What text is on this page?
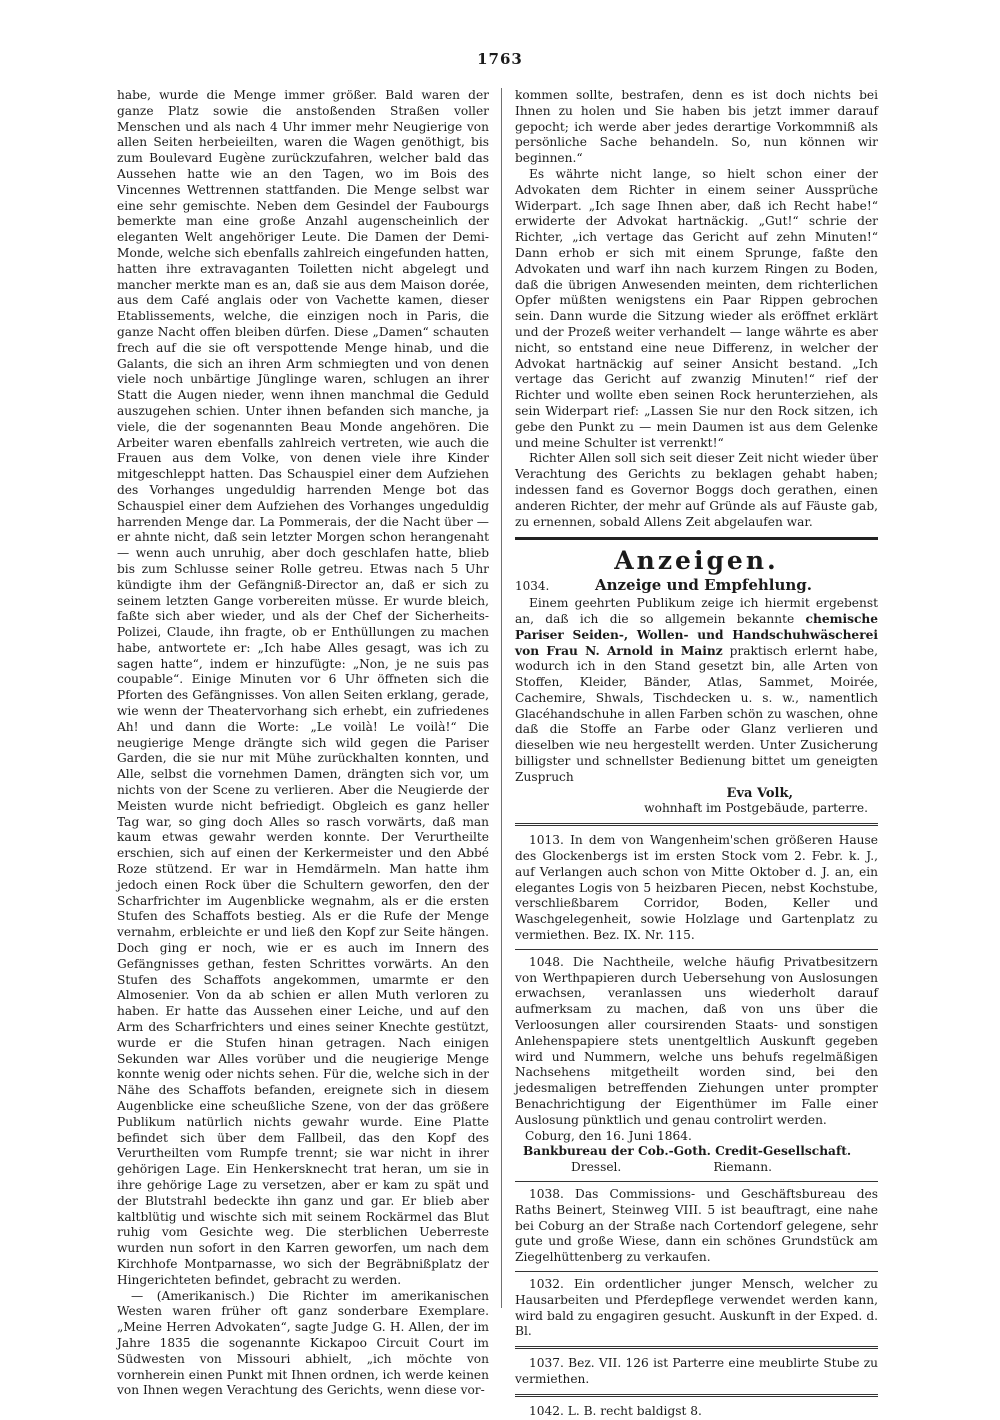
1763

habe, wurde die Menge immer größer. Bald waren der ganze Platz sowie die anstoßenden Straßen voller Menschen und als nach 4 Uhr immer mehr Neugierige von allen Seiten herbeieilten, waren die Wagen genöthigt, bis zum Boulevard Eugène zurückzufahren, welcher bald das Aussehen hatte wie an den Tagen, wo im Bois des Vincennes Wettrennen stattfanden. Die Menge selbst war eine sehr gemischte. Neben dem Gesindel der Faubourgs bemerkte man eine große Anzahl augenscheinlich der eleganten Welt angehöriger Leute. Die Damen der Demi-Monde, welche sich ebenfalls zahlreich eingefunden hatten, hatten ihre extravaganten Toiletten nicht abgelegt und mancher merkte man es an, daß sie aus dem Maison dorée, aus dem Café anglais oder von Vachette kamen, dieser Etablissements, welche, die einzigen noch in Paris, die ganze Nacht offen bleiben dürfen. Diese „Damen“ schauten frech auf die sie oft verspottende Menge hinab, und die Galants, die sich an ihren Arm schmiegten und von denen viele noch unbärtige Jünglinge waren, schlugen an ihrer Statt die Augen nieder, wenn ihnen manchmal die Geduld auszugehen schien. Unter ihnen befanden sich manche, ja viele, die der sogenannten Beau Monde angehören. Die Arbeiter waren ebenfalls zahlreich vertreten, wie auch die Frauen aus dem Volke, von denen viele ihre Kinder mitgeschleppt hatten. Das Schauspiel einer dem Aufziehen des Vorhanges ungeduldig harrenden Menge bot das Schauspiel einer dem Aufziehen des Vorhanges ungeduldig harrenden Menge dar. La Pommerais, der die Nacht über — er ahnte nicht, daß sein letzter Morgen schon herangenaht — wenn auch unruhig, aber doch geschlafen hatte, blieb bis zum Schlusse seiner Rolle getreu. Etwas nach 5 Uhr kündigte ihm der Gefängniß-Director an, daß er sich zu seinem letzten Gange vorbereiten müsse. Er wurde bleich, faßte sich aber wieder, und als der Chef der Sicherheits-Polizei, Claude, ihn fragte, ob er Enthüllungen zu machen habe, antwortete er: „Ich habe Alles gesagt, was ich zu sagen hatte“, indem er hinzufügte: „Non, je ne suis pas coupable“. Einige Minuten vor 6 Uhr öffneten sich die Pforten des Gefängnisses. Von allen Seiten erklang, gerade, wie wenn der Theatervorhang sich erhebt, ein zufriedenes Ah! und dann die Worte: „Le voilà! Le voilà!“ Die neugierige Menge drängte sich wild gegen die Pariser Garden, die sie nur mit Mühe zurückhalten konnten, und Alle, selbst die vornehmen Damen, drängten sich vor, um nichts von der Scene zu verlieren. Aber die Neugierde der Meisten wurde nicht befriedigt. Obgleich es ganz heller Tag war, so ging doch Alles so rasch vorwärts, daß man kaum etwas gewahr werden konnte. Der Verurtheilte erschien, sich auf einen der Kerkermeister und den Abbé Roze stützend. Er war in Hemdärmeln. Man hatte ihm jedoch einen Rock über die Schultern geworfen, den der Scharfrichter im Augenblicke wegnahm, als er die ersten Stufen des Schaffots bestieg. Als er die Rufe der Menge vernahm, erbleichte er und ließ den Kopf zur Seite hängen. Doch ging er noch, wie er es auch im Innern des Gefängnisses gethan, festen Schrittes vorwärts. An den Stufen des Schaffots angekommen, umarmte er den Almosenier. Von da ab schien er allen Muth verloren zu haben. Er hatte das Aussehen einer Leiche, und auf den Arm des Scharfrichters und eines seiner Knechte gestützt, wurde er die Stufen hinan getragen. Nach einigen Sekunden war Alles vorüber und die neugierige Menge konnte wenig oder nichts sehen. Für die, welche sich in der Nähe des Schaffots befanden, ereignete sich in diesem Augenblicke eine scheußliche Szene, von der das größere Publikum natürlich nichts gewahr wurde. Eine Platte befindet sich über dem Fallbeil, das den Kopf des Verurtheilten vom Rumpfe trennt; sie war nicht in ihrer gehörigen Lage. Ein Henkersknecht trat heran, um sie in ihre gehörige Lage zu versetzen, aber er kam zu spät und der Blutstrahl bedeckte ihn ganz und gar. Er blieb aber kaltblütig und wischte sich mit seinem Rockärmel das Blut ruhig vom Gesichte weg. Die sterblichen Ueberreste wurden nun sofort in den Karren geworfen, um nach dem Kirchhofe Montparnasse, wo sich der Begräbnißplatz der Hingerichteten befindet, gebracht zu werden.

— (Amerikanisch.) Die Richter im amerikanischen Westen waren früher oft ganz sonderbare Exemplare. „Meine Herren Advokaten“, sagte Judge G. H. Allen, der im Jahre 1835 die sogenannte Kickapoo Circuit Court im Südwesten von Missouri abhielt, „ich möchte von vornherein einen Punkt mit Ihnen ordnen, ich werde keinen von Ihnen wegen Verachtung des Gerichts, wenn diese vor-

kommen sollte, bestrafen, denn es ist doch nichts bei Ihnen zu holen und Sie haben bis jetzt immer darauf gepocht; ich werde aber jedes derartige Vorkommniß als persönliche Sache behandeln. So, nun können wir beginnen.“

Es währte nicht lange, so hielt schon einer der Advokaten dem Richter in einem seiner Aussprüche Widerpart. „Ich sage Ihnen aber, daß ich Recht habe!“ erwiderte der Advokat hartnäckig. „Gut!“ schrie der Richter, „ich vertage das Gericht auf zehn Minuten!“ Dann erhob er sich mit einem Sprunge, faßte den Advokaten und warf ihn nach kurzem Ringen zu Boden, daß die übrigen Anwesenden meinten, dem richterlichen Opfer müßten wenigstens ein Paar Rippen gebrochen sein. Dann wurde die Sitzung wieder als eröffnet erklärt und der Prozeß weiter verhandelt — lange währte es aber nicht, so entstand eine neue Differenz, in welcher der Advokat hartnäckig auf seiner Ansicht bestand. „Ich vertage das Gericht auf zwanzig Minuten!“ rief der Richter und wollte eben seinen Rock herunterziehen, als sein Widerpart rief: „Lassen Sie nur den Rock sitzen, ich gebe den Punkt zu — mein Daumen ist aus dem Gelenke und meine Schulter ist verrenkt!“

Richter Allen soll sich seit dieser Zeit nicht wieder über Verachtung des Gerichts zu beklagen gehabt haben; indessen fand es Governor Boggs doch gerathen, einen anderen Richter, der mehr auf Gründe als auf Fäuste gab, zu ernennen, sobald Allens Zeit abgelaufen war.

Anzeigen.
1034.	Anzeige und Empfehlung.

Einem geehrten Publikum zeige ich hiermit ergebenst an, daß ich die so allgemein bekannte chemische Pariser Seiden-, Wollen- und Handschuhwäscherei von Frau N. Arnold in Mainz praktisch erlernt habe, wodurch ich in den Stand gesetzt bin, alle Arten von Stoffen, Kleider, Bänder, Atlas, Sammet, Moirée, Cachemire, Shwals, Tischdecken u. s. w., namentlich Glacéhandschuhe in allen Farben schön zu waschen, ohne daß die Stoffe an Farbe oder Glanz verlieren und dieselben wie neu hergestellt werden. Unter Zusicherung billigster und schnellster Bedienung bittet um geneigten Zuspruch

Eva Volk,
wohnhaft im Postgebäude, parterre.

1013. In dem von Wangenheim'schen größeren Hause des Glockenbergs ist im ersten Stock vom 2. Febr. k. J., auf Verlangen auch schon von Mitte Oktober d. J. an, ein elegantes Logis von 5 heizbaren Piecen, nebst Kochstube, verschließbarem Corridor, Boden, Keller und Waschgelegenheit, sowie Holzlage und Gartenplatz zu vermiethen. Bez. IX. Nr. 115.

1048. Die Nachtheile, welche häufig Privatbesitzern von Werthpapieren durch Uebersehung von Auslosungen erwachsen, veranlassen uns wiederholt darauf aufmerksam zu machen, daß von uns über die Verloosungen aller coursirenden Staats- und sonstigen Anlehenspapiere stets unentgeltlich Auskunft gegeben wird und Nummern, welche uns behufs regelmäßigen Nachsehens mitgetheilt worden sind, bei den jedesmaligen betreffenden Ziehungen unter prompter Benachrichtigung der Eigenthümer im Falle einer Auslosung pünktlich und genau controlirt werden.

Coburg, den 16. Juni 1864.
Bankbureau der Cob.-Goth. Credit-Gesellschaft.
Dressel.	Riemann.

1038. Das Commissions- und Geschäftsbureau des Raths Beinert, Steinweg VIII. 5 ist beauftragt, eine nahe bei Coburg an der Straße nach Cortendorf gelegene, sehr gute und große Wiese, dann ein schönes Grundstück am Ziegelhüttenberg zu verkaufen.

1032. Ein ordentlicher junger Mensch, welcher zu Hausarbeiten und Pferdepflege verwendet werden kann, wird bald zu engagiren gesucht. Auskunft in der Exped. d. Bl.

1037. Bez. VII. 126 ist Parterre eine meublirte Stube zu vermiethen.

1042. L. B. recht baldigst 8.
